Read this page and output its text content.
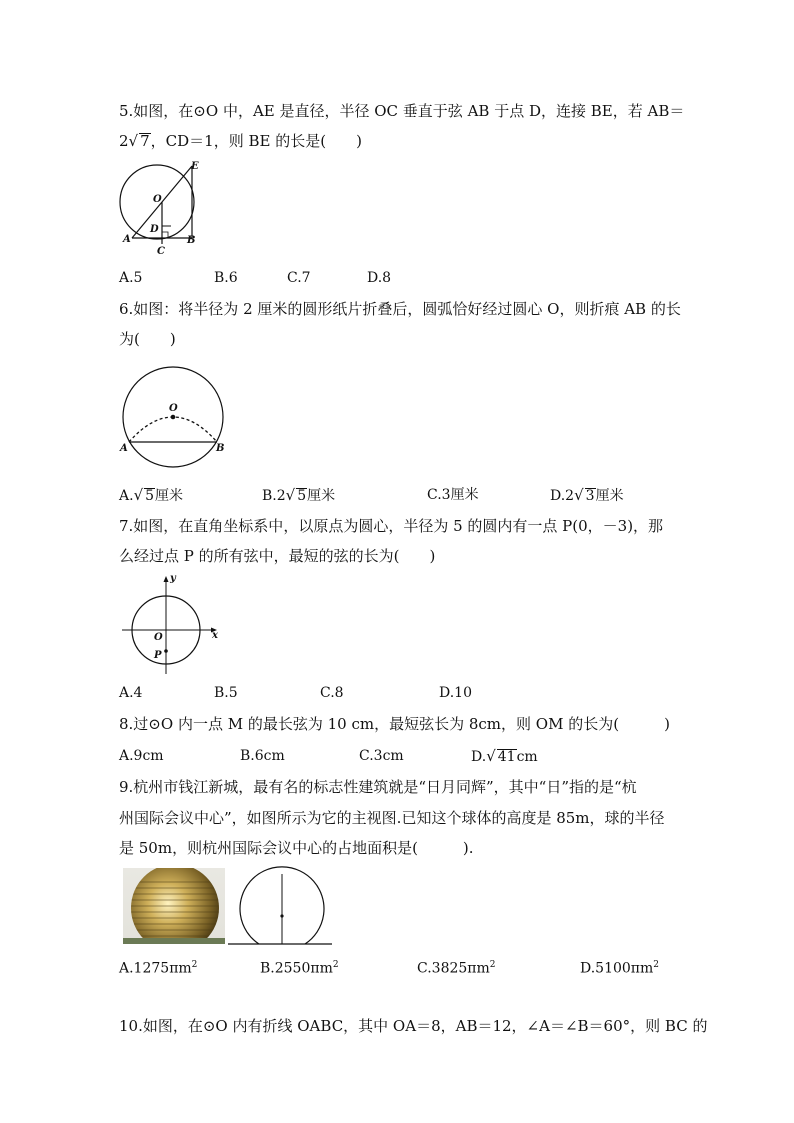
5.如图，在⊙O 中，AE 是直径，半径 OC 垂直于弦 AB 于点 D，连接 BE，若 AB＝
2√ 7，CD＝1，则 BE 的长是(　　)
E
O
D
A	B
C
A.5	B.6	C.7	D.8
6.如图：将半径为 2 厘米的圆形纸片折叠后，圆弧恰好经过圆心 O，则折痕 AB 的长
为(　　)
O
A	B
A.√ 5厘米	B.2√ 5厘米	C.3厘米	D.2√ 3厘米
7.如图，在直角坐标系中，以原点为圆心，半径为 5 的圆内有一点 P(0，－3)，那
么经过点 P 的所有弦中，最短的弦的长为(　　)
y
x
O
P
A.4	B.5	C.8	D.10
8.过⊙O 内一点 M 的最长弦为 10 cm，最短弦长为 8cm，则 OM 的长为(　　　)
A.9cm	B.6cm	C.3cm	D.√ 41cm
9.杭州市钱江新城，最有名的标志性建筑就是“日月同辉”，其中“日”指的是“杭
州国际会议中心”，如图所示为它的主视图.已知这个球体的高度是 85m，球的半径
是 50m，则杭州国际会议中心的占地面积是(　　　).
$A.1275\pi m^2$	$B.2550\pi m^2$	$C.3825\pi m^2$	$D.5100\pi m^2$
10.如图，在⊙O 内有折线 OABC，其中 OA＝8，AB＝12，∠A＝∠B＝60°，则 BC 的
